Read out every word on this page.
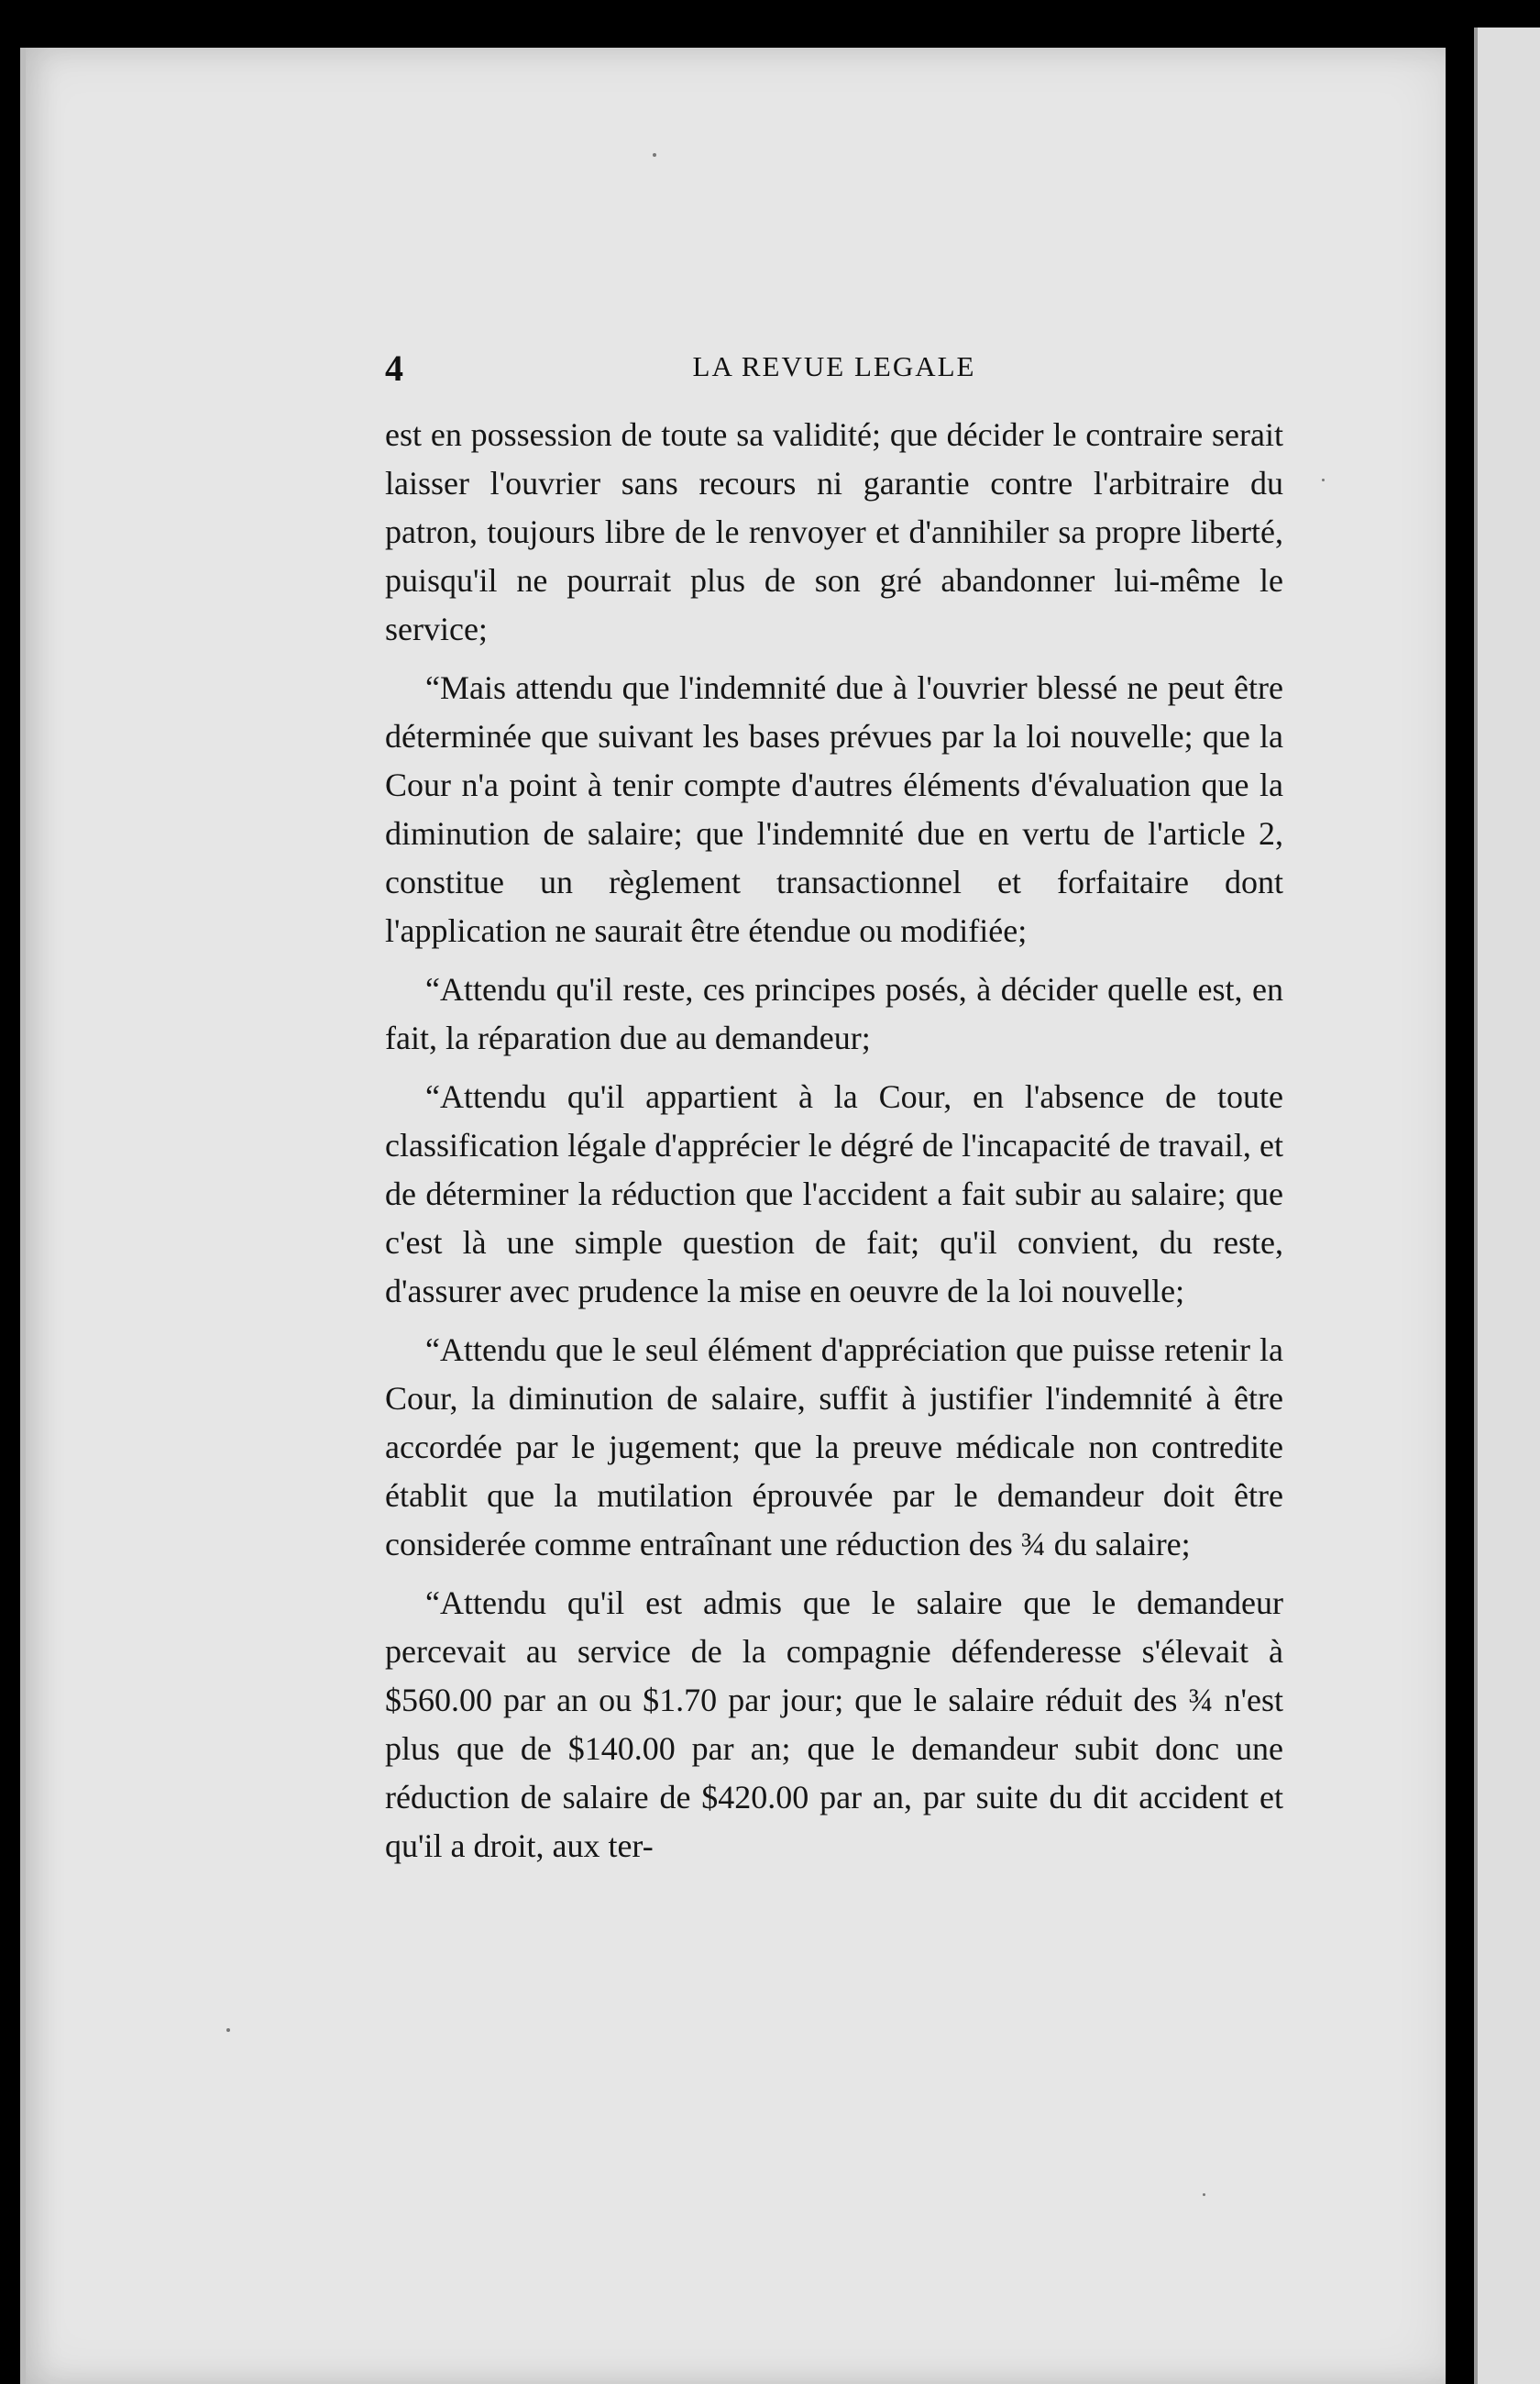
4	LA REVUE LEGALE

est en possession de toute sa validité; que décider le contraire serait laisser l'ouvrier sans recours ni garantie contre l'arbitraire du patron, toujours libre de le renvoyer et d'annihiler sa propre liberté, puisqu'il ne pourrait plus de son gré abandonner lui-même le service;

“Mais attendu que l'indemnité due à l'ouvrier blessé ne peut être déterminée que suivant les bases prévues par la loi nouvelle; que la Cour n'a point à tenir compte d'autres éléments d'évaluation que la diminution de salaire; que l'indemnité due en vertu de l'article 2, constitue un règlement transactionnel et forfaitaire dont l'application ne saurait être étendue ou modifiée;

“Attendu qu'il reste, ces principes posés, à décider quelle est, en fait, la réparation due au demandeur;

“Attendu qu'il appartient à la Cour, en l'absence de toute classification légale d'apprécier le dégré de l'incapacité de travail, et de déterminer la réduction que l'accident a fait subir au salaire; que c'est là une simple question de fait; qu'il convient, du reste, d'assurer avec prudence la mise en oeuvre de la loi nouvelle;

“Attendu que le seul élément d'appréciation que puisse retenir la Cour, la diminution de salaire, suffit à justifier l'indemnité à être accordée par le jugement; que la preuve médicale non contredite établit que la mutilation éprouvée par le demandeur doit être considerée comme entraînant une réduction des ¾ du salaire;

“Attendu qu'il est admis que le salaire que le demandeur percevait au service de la compagnie défenderesse s'élevait à $560.00 par an ou $1.70 par jour; que le salaire réduit des ¾ n'est plus que de $140.00 par an; que le demandeur subit donc une réduction de salaire de $420.00 par an, par suite du dit accident et qu'il a droit, aux ter-
